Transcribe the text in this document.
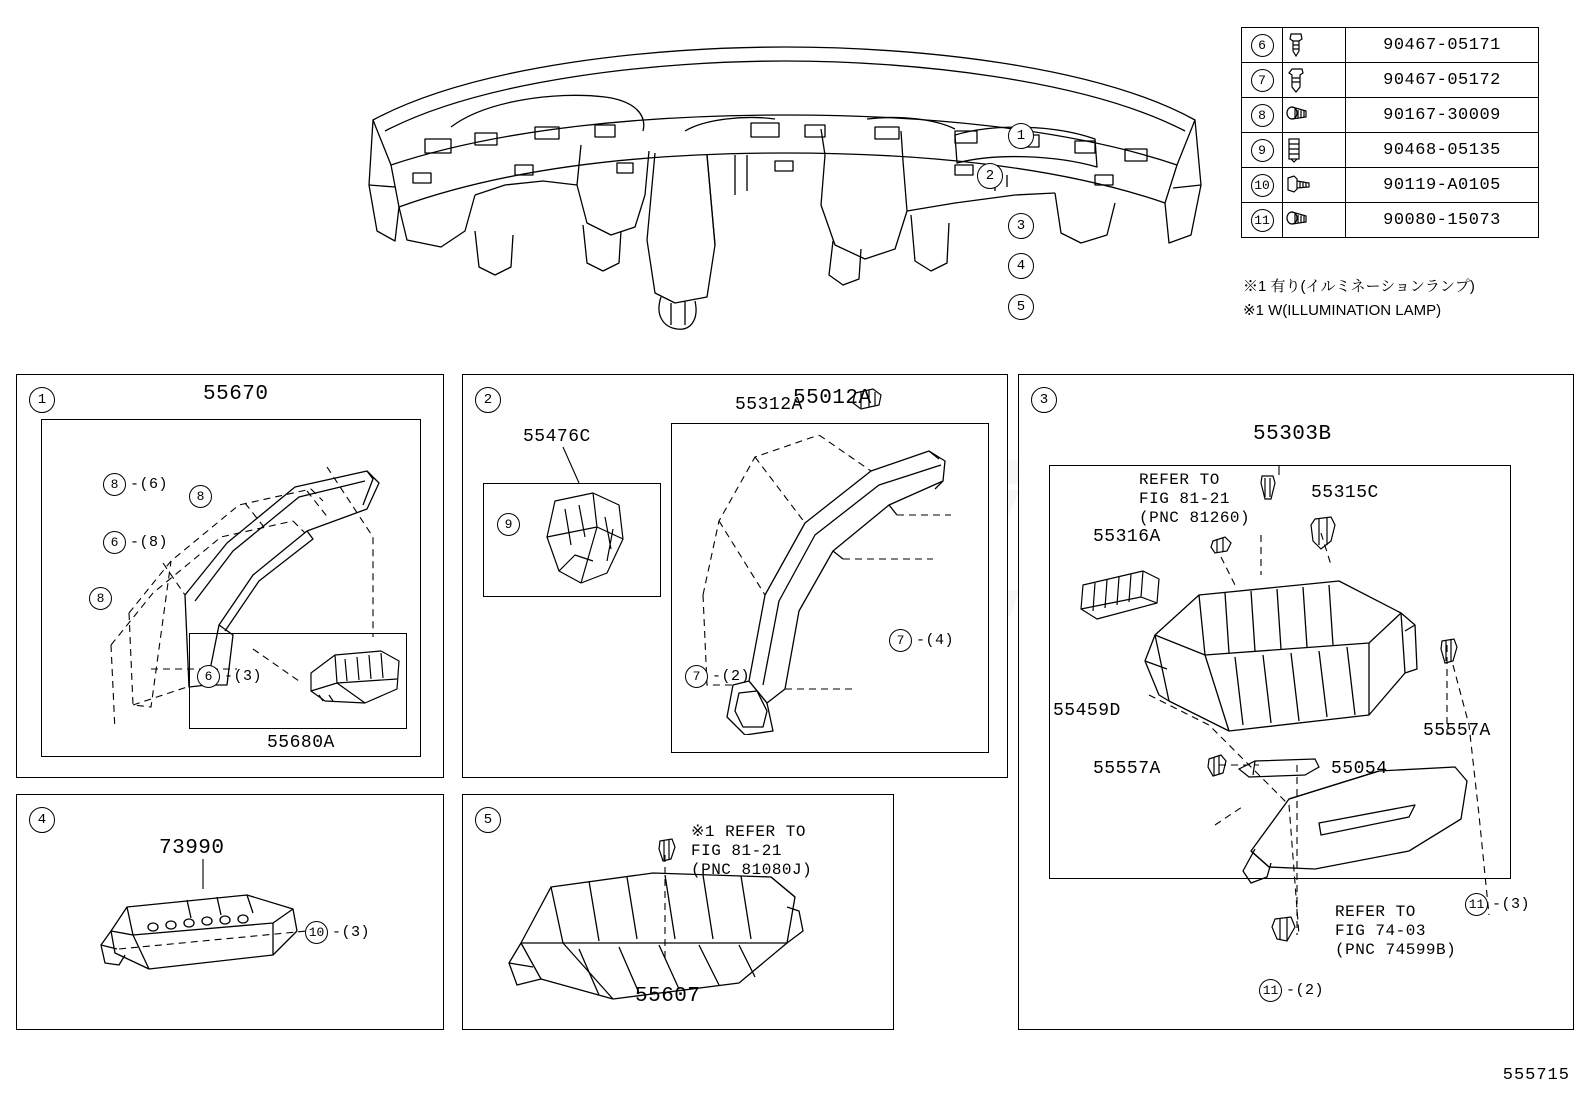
1
2
3
4
5
6		90467-05171

7		90467-05172

8		90167-30009

9		90468-05135

10		90119-A0105

11		90080-15073
※1 有り(イルミネーションランプ)
※1 W(ILLUMINATION LAMP)
1	55670
55680A
8 -(6)
6 -(8)
8
8
6 -(3)
2	55012A
55476C
9
55312A
7 -(4)
7 -(2)
3
55303B
REFER TO
FIG 81-21
(PNC 81260)
55316A
55315C
55459D
55557A
55557A	55054
REFER TO
FIG 74-03
(PNC 74599B)
11 -(3)
11 -(2)
4
73990
10 -(3)
5
※1 REFER TO
FIG 81-21
(PNC 81080J)
55607
555715
